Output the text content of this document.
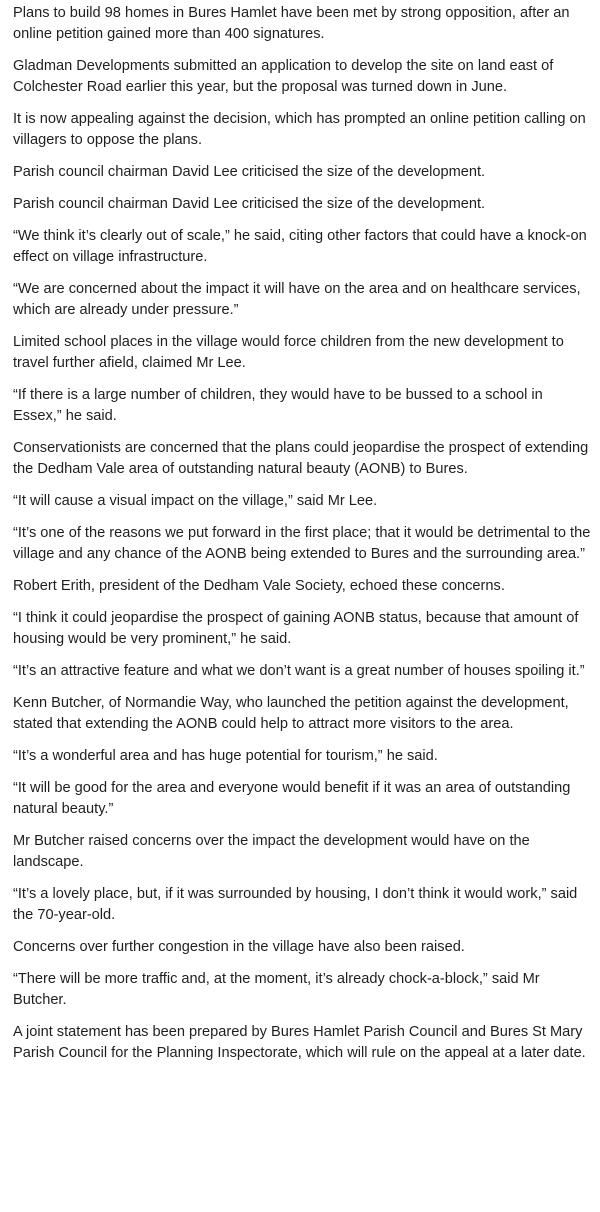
Plans to build 98 homes in Bures Hamlet have been met by strong opposition, after an online petition gained more than 400 signatures.

Gladman Developments submitted an application to develop the site on land east of Colchester Road earlier this year, but the proposal was turned down in June.

It is now appealing against the decision, which has prompted an online petition calling on villagers to oppose the plans.

Parish council chairman David Lee criticised the size of the development.

Parish council chairman David Lee criticised the size of the development.

“We think it’s clearly out of scale,” he said, citing other factors that could have a knock-on effect on village infrastructure.

“We are concerned about the impact it will have on the area and on healthcare services, which are already under pressure.”

Limited school places in the village would force children from the new development to travel further afield, claimed Mr Lee.

“If there is a large number of children, they would have to be bussed to a school in Essex,” he said.

Conservationists are concerned that the plans could jeopardise the prospect of extending the Dedham Vale area of outstanding natural beauty (AONB) to Bures.

“It will cause a visual impact on the village,” said Mr Lee.

“It’s one of the reasons we put forward in the first place; that it would be detrimental to the village and any chance of the AONB being extended to Bures and the surrounding area.”

Robert Erith, president of the Dedham Vale Society, echoed these concerns.

“I think it could jeopardise the prospect of gaining AONB status, because that amount of housing would be very prominent,” he said.

“It’s an attractive feature and what we don’t want is a great number of houses spoiling it.”

Kenn Butcher, of Normandie Way, who launched the petition against the development, stated that extending the AONB could help to attract more visitors to the area.

“It’s a wonderful area and has huge potential for tourism,” he said.

“It will be good for the area and everyone would benefit if it was an area of outstanding natural beauty.”

Mr Butcher raised concerns over the impact the development would have on the landscape.

“It’s a lovely place, but, if it was surrounded by housing, I don’t think it would work,” said the 70-year-old.

Concerns over further congestion in the village have also been raised.

“There will be more traffic and, at the moment, it’s already chock-a-block,” said Mr Butcher.

A joint statement has been prepared by Bures Hamlet Parish Council and Bures St Mary Parish Council for the Planning Inspectorate, which will rule on the appeal at a later date.
